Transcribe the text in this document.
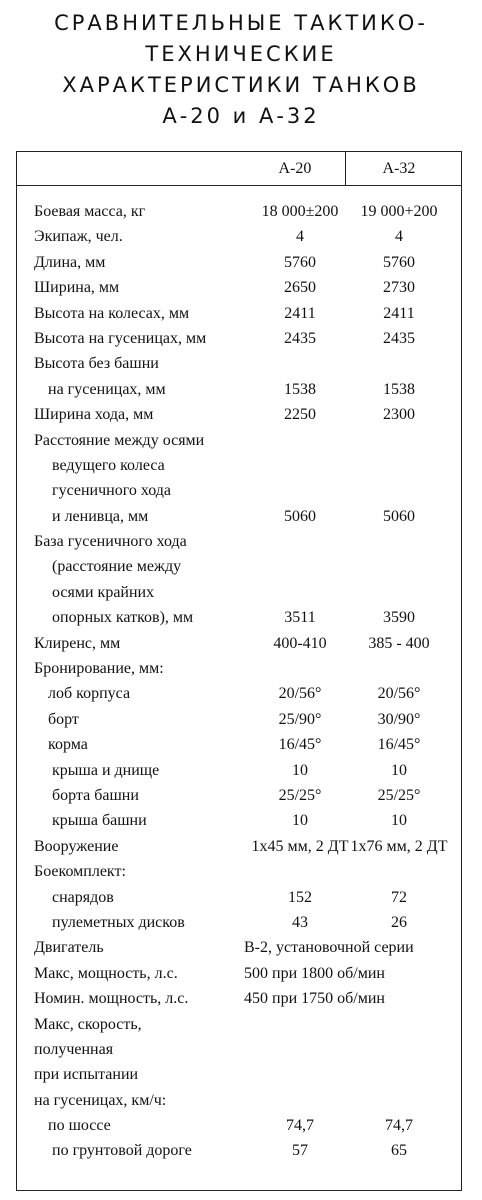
СРАВНИТЕЛЬНЫЕ ТАКТИКО-
ТЕХНИЧЕСКИЕ
ХАРАКТЕРИСТИКИ ТАНКОВ
А-20 и А-32
А-20	А-32
Боевая масса, кг	18 000±200	19 000+200
Экипаж, чел.	4	4
Длина, мм	5760	5760
Ширина, мм	2650	2730
Высота на колесах, мм	2411	2411
Высота на гусеницах, мм	2435	2435
Высота без башни
на гусеницах, мм	1538	1538
Ширина хода, мм	2250	2300
Расстояние между осями
ведущего колеса
гусеничного хода
и ленивца, мм	5060	5060
База гусеничного хода
(расстояние между
осями крайних
опорных катков), мм	3511	3590
Клиренс, мм	400-410	385 - 400
Бронирование, мм:
лоб корпуса	20/56°	20/56°
борт	25/90°	30/90°
корма	16/45°	16/45°
крыша и днище	10	10
борта башни	25/25°	25/25°
крыша башни	10	10
Вооружение	1x45 мм, 2 ДТ 1x76 мм, 2 ДТ
Боекомплект:
снарядов	152	72
пулеметных дисков	43	26
Двигатель	В-2, установочной серии
Макс, мощность, л.с.	500 при 1800 об/мин
Номин. мощность, л.с.	450 при 1750 об/мин
Макс, скорость,
полученная
при испытании
на гусеницах, км/ч:
по шоссе	74,7	74,7
по грунтовой дороге	57	65
